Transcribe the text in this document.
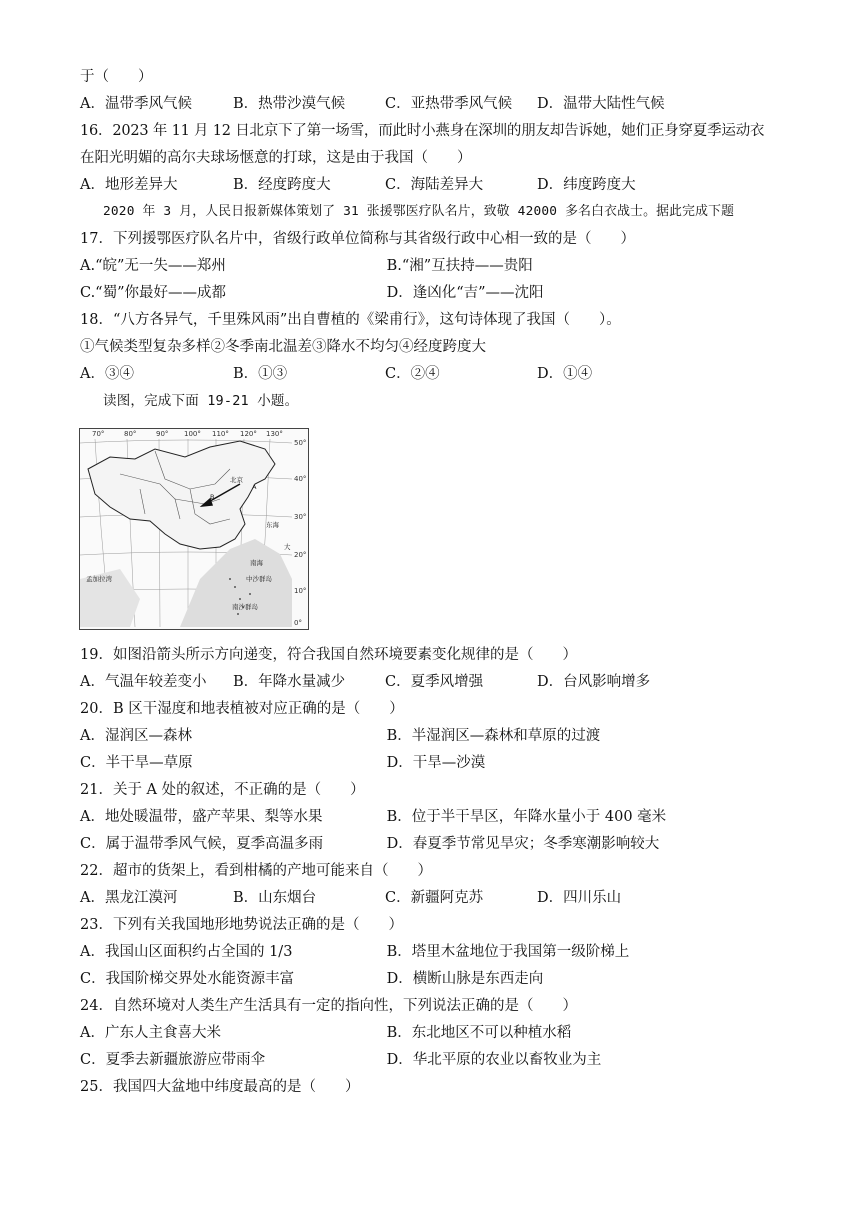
于（　　）
A．温带季风气候	B．热带沙漠气候	C．亚热带季风气候	D．温带大陆性气候
16．2023 年 11 月 12 日北京下了第一场雪，而此时小燕身在深圳的朋友却告诉她，她们正身穿夏季运动衣
在阳光明媚的高尔夫球场惬意的打球，这是由于我国（　　）
A．地形差异大	B．经度跨度大	C．海陆差异大	D．纬度跨度大
2020 年 3 月，人民日报新媒体策划了 31 张援鄂医疗队名片，致敬 42000 多名白衣战士。据此完成下题
17．下列援鄂医疗队名片中，省级行政单位简称与其省级行政中心相一致的是（　　）
A.“皖”无一失——郑州	B.“湘”互扶持——贵阳
C.“蜀”你最好——成都	D．逢凶化“吉”——沈阳
18．“八方各异气，千里殊风雨”出自曹植的《梁甫行》，这句诗体现了我国（　　）。
①气候类型复杂多样②冬季南北温差③降水不均匀④经度跨度大
A．③④	B．①③	C．②④	D．①④
读图，完成下面 19-21 小题。
70°	80°	90° 100° 110° 120° 130°
50°
40°
30°
20°
10°
0°
北京
A
B
东海
大
南海
中沙群岛
南沙群岛
孟加拉湾
19．如图沿箭头所示方向递变，符合我国自然环境要素变化规律的是（　　）
A．气温年较差变小	B．年降水量减少	C．夏季风增强	D．台风影响增多
20．B 区干湿度和地表植被对应正确的是（　　）
A．湿润区—森林	B．半湿润区—森林和草原的过渡
C．半干旱—草原	D．干旱—沙漠
21．关于 A 处的叙述，不正确的是（　　）
A．地处暖温带，盛产苹果、梨等水果	B．位于半干旱区，年降水量小于 400 毫米
C．属于温带季风气候，夏季高温多雨	D．春夏季节常见旱灾；冬季寒潮影响较大
22．超市的货架上，看到柑橘的产地可能来自（　　）
A．黑龙江漠河	B．山东烟台	C．新疆阿克苏	D．四川乐山
23．下列有关我国地形地势说法正确的是（　　）
A．我国山区面积约占全国的 1/3	B．塔里木盆地位于我国第一级阶梯上
C．我国阶梯交界处水能资源丰富	D．横断山脉是东西走向
24．自然环境对人类生产生活具有一定的指向性，下列说法正确的是（　　）
A．广东人主食喜大米	B．东北地区不可以种植水稻
C．夏季去新疆旅游应带雨伞	D．华北平原的农业以畜牧业为主
25．我国四大盆地中纬度最高的是（　　）
